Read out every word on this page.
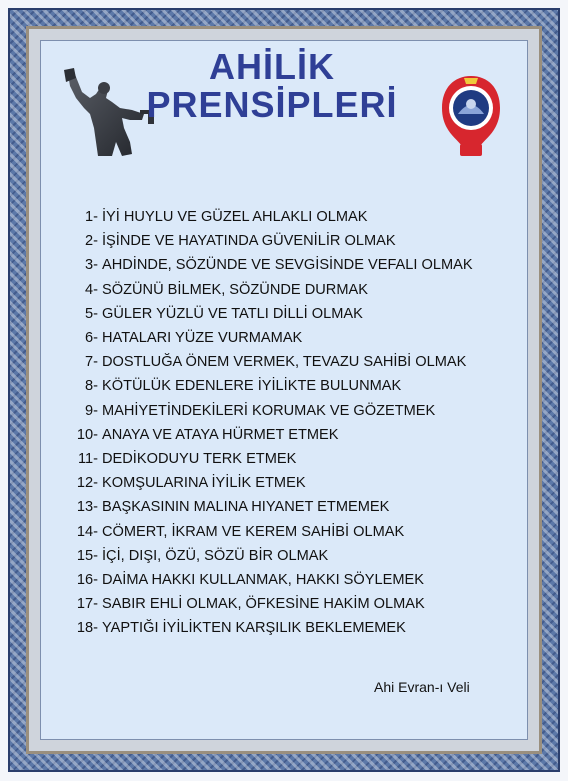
AHİLİK
PRENSİPLERİ
1- İYİ HUYLU VE GÜZEL AHLAKLI OLMAK
2- İŞİNDE VE HAYATINDA GÜVENİLİR OLMAK
3- AHDİNDE, SÖZÜNDE VE SEVGİSİNDE VEFALI OLMAK
4- SÖZÜNÜ BİLMEK, SÖZÜNDE DURMAK
5- GÜLER YÜZLÜ VE TATLI DİLLİ OLMAK
6- HATALARI YÜZE VURMAMAK
7- DOSTLUĞA ÖNEM VERMEK, TEVAZU SAHİBİ OLMAK
8- KÖTÜLÜK EDENLERE İYİLİKTE BULUNMAK
9- MAHİYETİNDEKİLERİ KORUMAK VE GÖZETMEK
10- ANAYA VE ATAYA HÜRMET ETMEK
11- DEDİKODUYU TERK ETMEK
12- KOMŞULARINA İYİLİK ETMEK
13- BAŞKASININ MALINA HIYANET ETMEMEK
14- CÖMERT, İKRAM VE KEREM SAHİBİ OLMAK
15- İÇİ, DIŞI, ÖZÜ, SÖZÜ BİR OLMAK
16- DAİMA HAKKI KULLANMAK, HAKKI SÖYLEMEK
17- SABIR EHLİ OLMAK, ÖFKESİNE HAKİM OLMAK
18- YAPTIĞI İYİLİKTEN KARŞILIK BEKLEMEMEK
Ahi Evran-ı Veli
